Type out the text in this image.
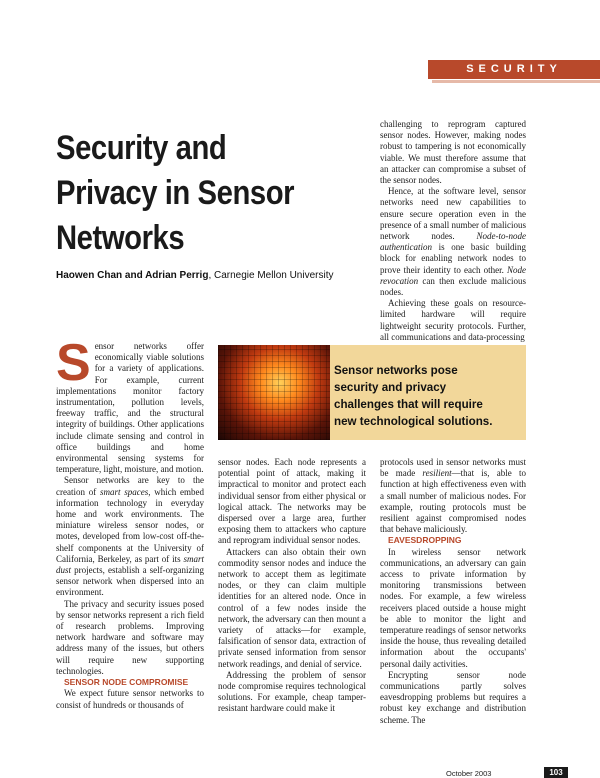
SECURITY
Security and
Privacy in Sensor
Networks
Haowen Chan and Adrian Perrig, Carnegie Mellon University

Sensor networks offer economically viable solutions for a variety of applications. For example, current implementations monitor factory instrumentation, pollution levels, freeway traffic, and the structural integrity of buildings. Other applications include climate sensing and control in office buildings and home environmental sensing systems for temperature, light, moisture, and motion.

Sensor networks are key to the creation of smart spaces, which embed information technology in everyday home and work environments. The miniature wireless sensor nodes, or motes, developed from low-cost off-the-shelf components at the University of California, Berkeley, as part of its smart dust projects, establish a self-organizing sensor network when dispersed into an environment.

The privacy and security issues posed by sensor networks represent a rich field of research problems. Improving network hardware and software may address many of the issues, but others will require new supporting technologies.

SENSOR NODE COMPROMISE

We expect future sensor networks to consist of hundreds or thousands of

Sensor networks pose
security and privacy
challenges that will require
new technological solutions.

sensor nodes. Each node represents a potential point of attack, making it impractical to monitor and protect each individual sensor from either physical or logical attack. The networks may be dispersed over a large area, further exposing them to attackers who capture and reprogram individual sensor nodes.

Attackers can also obtain their own commodity sensor nodes and induce the network to accept them as legitimate nodes, or they can claim multiple identities for an altered node. Once in control of a few nodes inside the network, the adversary can then mount a variety of attacks—for example, falsification of sensor data, extraction of private sensed information from sensor network readings, and denial of service.

Addressing the problem of sensor node compromise requires technological solutions. For example, cheap tamper-resistant hardware could make it

challenging to reprogram captured sensor nodes. However, making nodes robust to tampering is not economically viable. We must therefore assume that an attacker can compromise a subset of the sensor nodes.

Hence, at the software level, sensor networks need new capabilities to ensure secure operation even in the presence of a small number of malicious network nodes. Node-to-node authentication is one basic building block for enabling network nodes to prove their identity to each other. Node revocation can then exclude malicious nodes.

Achieving these goals on resource-limited hardware will require lightweight security protocols. Further, all communications and data-processing

protocols used in sensor networks must be made resilient—that is, able to function at high effectiveness even with a small number of malicious nodes. For example, routing protocols must be resilient against compromised nodes that behave maliciously.

EAVESDROPPING

In wireless sensor network communications, an adversary can gain access to private information by monitoring transmissions between nodes. For example, a few wireless receivers placed outside a house might be able to monitor the light and temperature readings of sensor networks inside the house, thus revealing detailed information about the occupants' personal daily activities.

Encrypting sensor node communications partly solves eavesdropping problems but requires a robust key exchange and distribution scheme. The

October 2003	103
